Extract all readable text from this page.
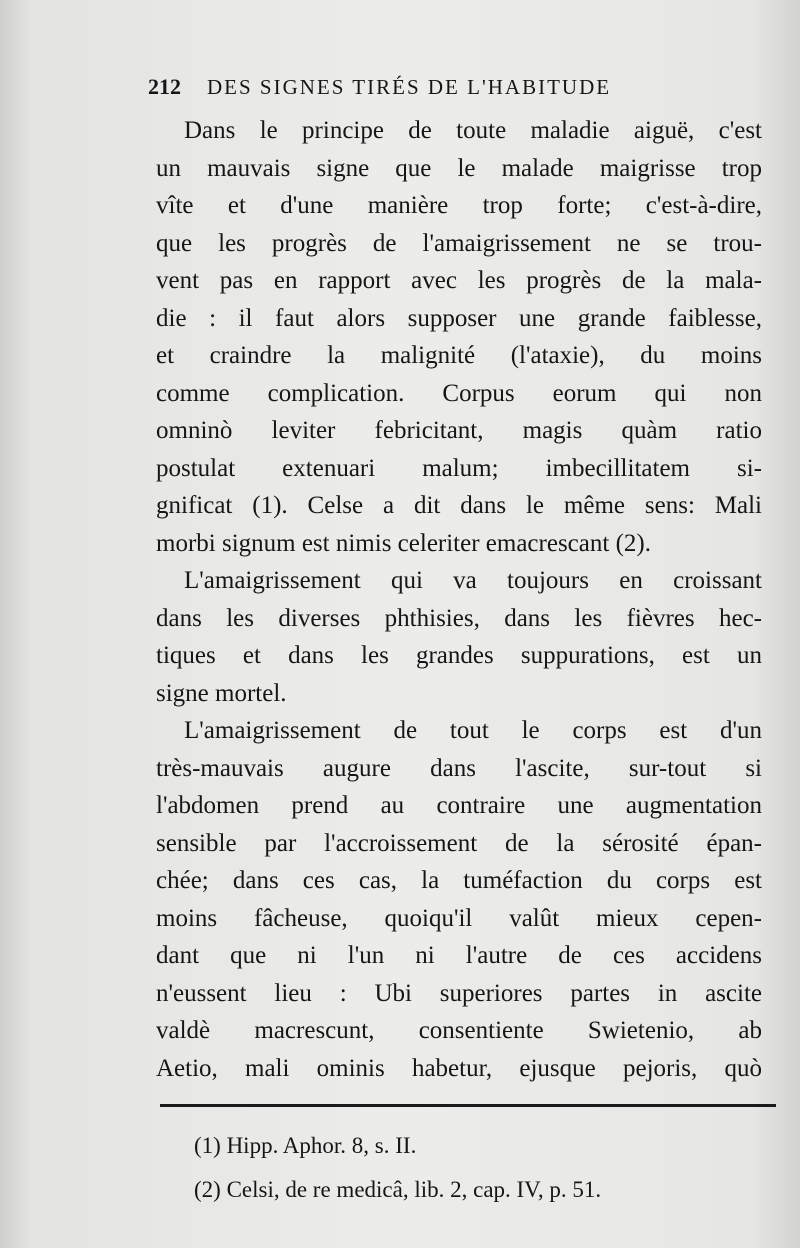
212 DES SIGNES TIRÉS DE L'HABITUDE
Dans le principe de toute maladie aiguë, c'est
un mauvais signe que le malade maigrisse trop
vîte et d'une manière trop forte; c'est-à-dire,
que les progrès de l'amaigrissement ne se trou-
vent pas en rapport avec les progrès de la mala-
die : il faut alors supposer une grande faiblesse,
et craindre la malignité (l'ataxie), du moins
comme complication. Corpus eorum qui non
omninò leviter febricitant, magis quàm ratio
postulat extenuari malum; imbecillitatem si-
gnificat (1). Celse a dit dans le même sens: Mali
morbi signum est nimis celeriter emacrescant (2).
L'amaigrissement qui va toujours en croissant
dans les diverses phthisies, dans les fièvres hec-
tiques et dans les grandes suppurations, est un
signe mortel.
L'amaigrissement de tout le corps est d'un
très-mauvais augure dans l'ascite, sur-tout si
l'abdomen prend au contraire une augmentation
sensible par l'accroissement de la sérosité épan-
chée; dans ces cas, la tuméfaction du corps est
moins fâcheuse, quoiqu'il valût mieux cepen-
dant que ni l'un ni l'autre de ces accidens
n'eussent lieu : Ubi superiores partes in ascite
valdè macrescunt, consentiente Swietenio, ab
Aetio, mali ominis habetur, ejusque pejoris, quò
(1) Hipp. Aphor. 8, s. II.
(2) Celsi, de re medicâ, lib. 2, cap. IV, p. 51.
